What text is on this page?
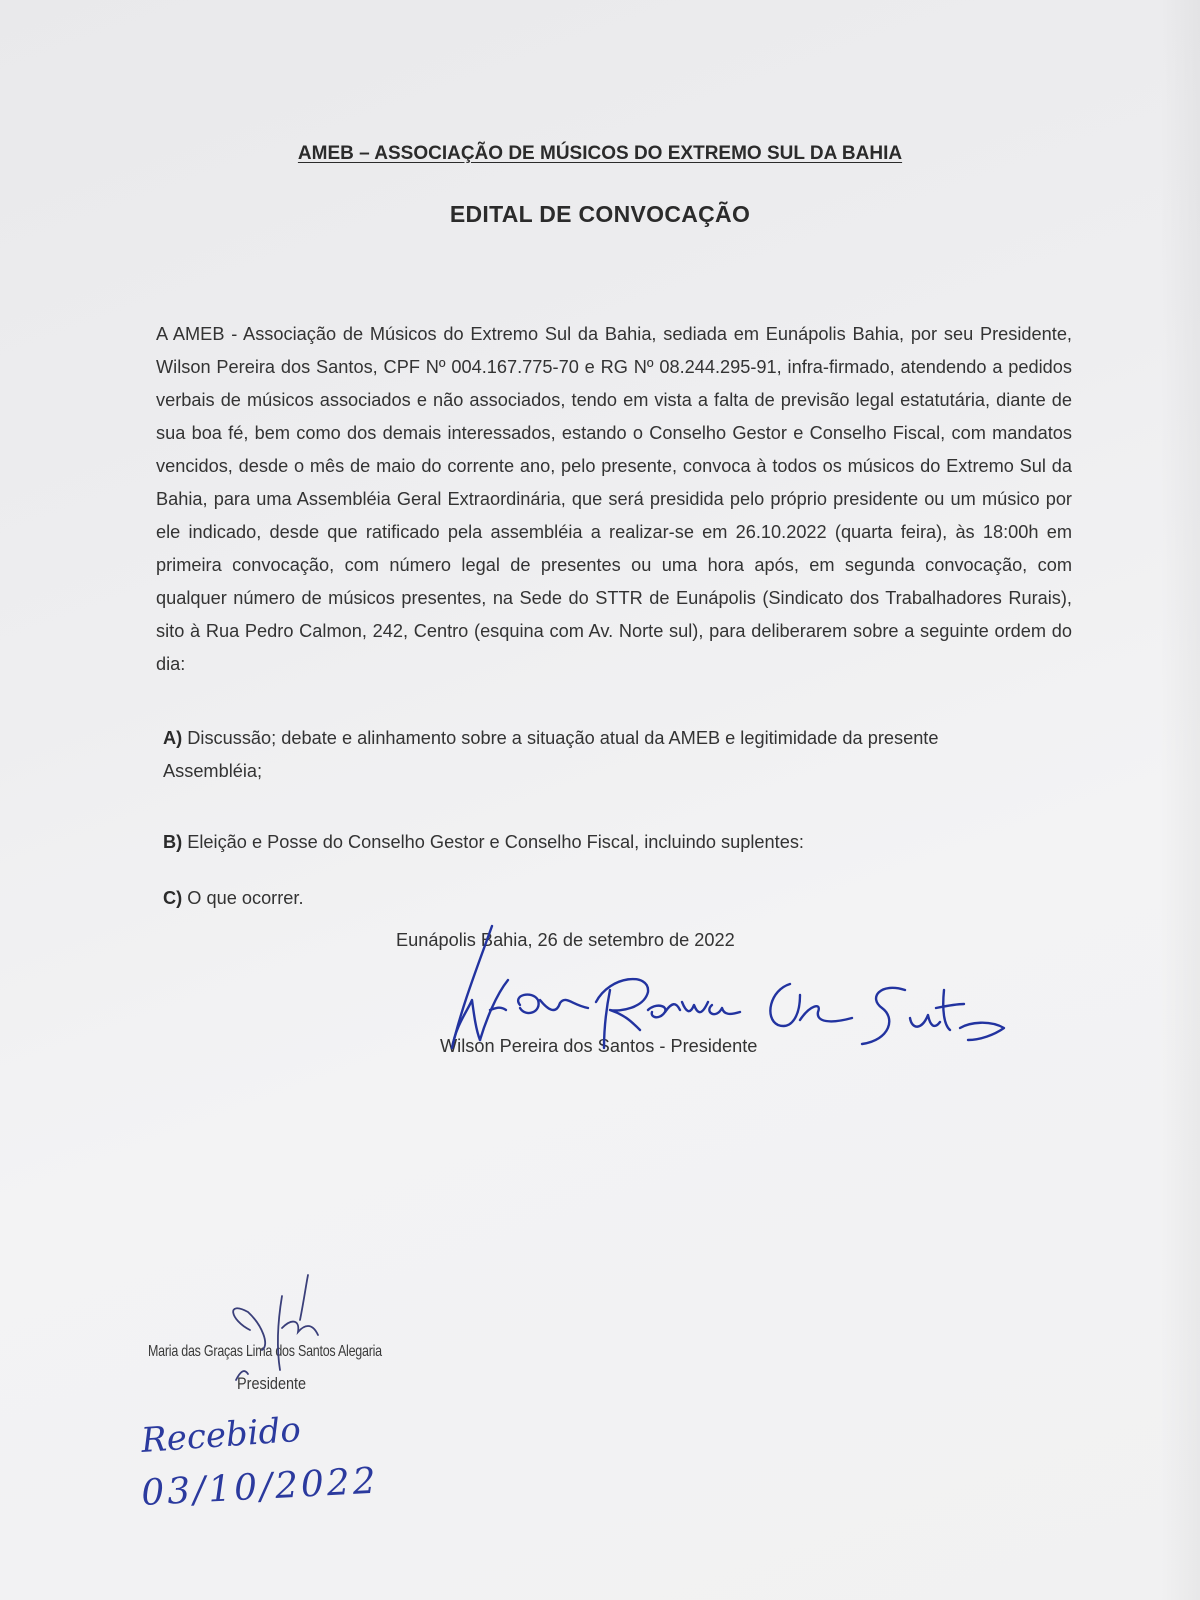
AMEB – ASSOCIAÇÃO DE MÚSICOS DO EXTREMO SUL DA BAHIA
EDITAL DE CONVOCAÇÃO
A AMEB - Associação de Músicos do Extremo Sul da Bahia, sediada em Eunápolis Bahia, por seu Presidente, Wilson Pereira dos Santos, CPF Nº 004.167.775-70 e RG Nº 08.244.295-91, infra-firmado, atendendo a pedidos verbais de músicos associados e não associados, tendo em vista a falta de previsão legal estatutária, diante de sua boa fé, bem como dos demais interessados, estando o Conselho Gestor e Conselho Fiscal, com mandatos vencidos, desde o mês de maio do corrente ano, pelo presente, convoca à todos os músicos do Extremo Sul da Bahia, para uma Assembléia Geral Extraordinária, que será presidida pelo próprio presidente ou um músico por ele indicado, desde que ratificado pela assembléia a realizar-se em 26.10.2022 (quarta feira), às 18:00h em primeira convocação, com número legal de presentes ou uma hora após, em segunda convocação, com qualquer número de músicos presentes, na Sede do STTR de Eunápolis (Sindicato dos Trabalhadores Rurais), sito à Rua Pedro Calmon, 242, Centro (esquina com Av. Norte sul), para deliberarem sobre a seguinte ordem do dia:
A) Discussão; debate e alinhamento sobre a situação atual da AMEB e legitimidade da presente Assembléia;
B) Eleição e Posse do Conselho Gestor e Conselho Fiscal, incluindo suplentes:
C) O que ocorrer.
Eunápolis Bahia, 26 de setembro de 2022
Wilson Pereira dos Santos - Presidente
Maria das Graças Lima dos Santos Alegaria
Presidente
Recebido
03/10/2022
